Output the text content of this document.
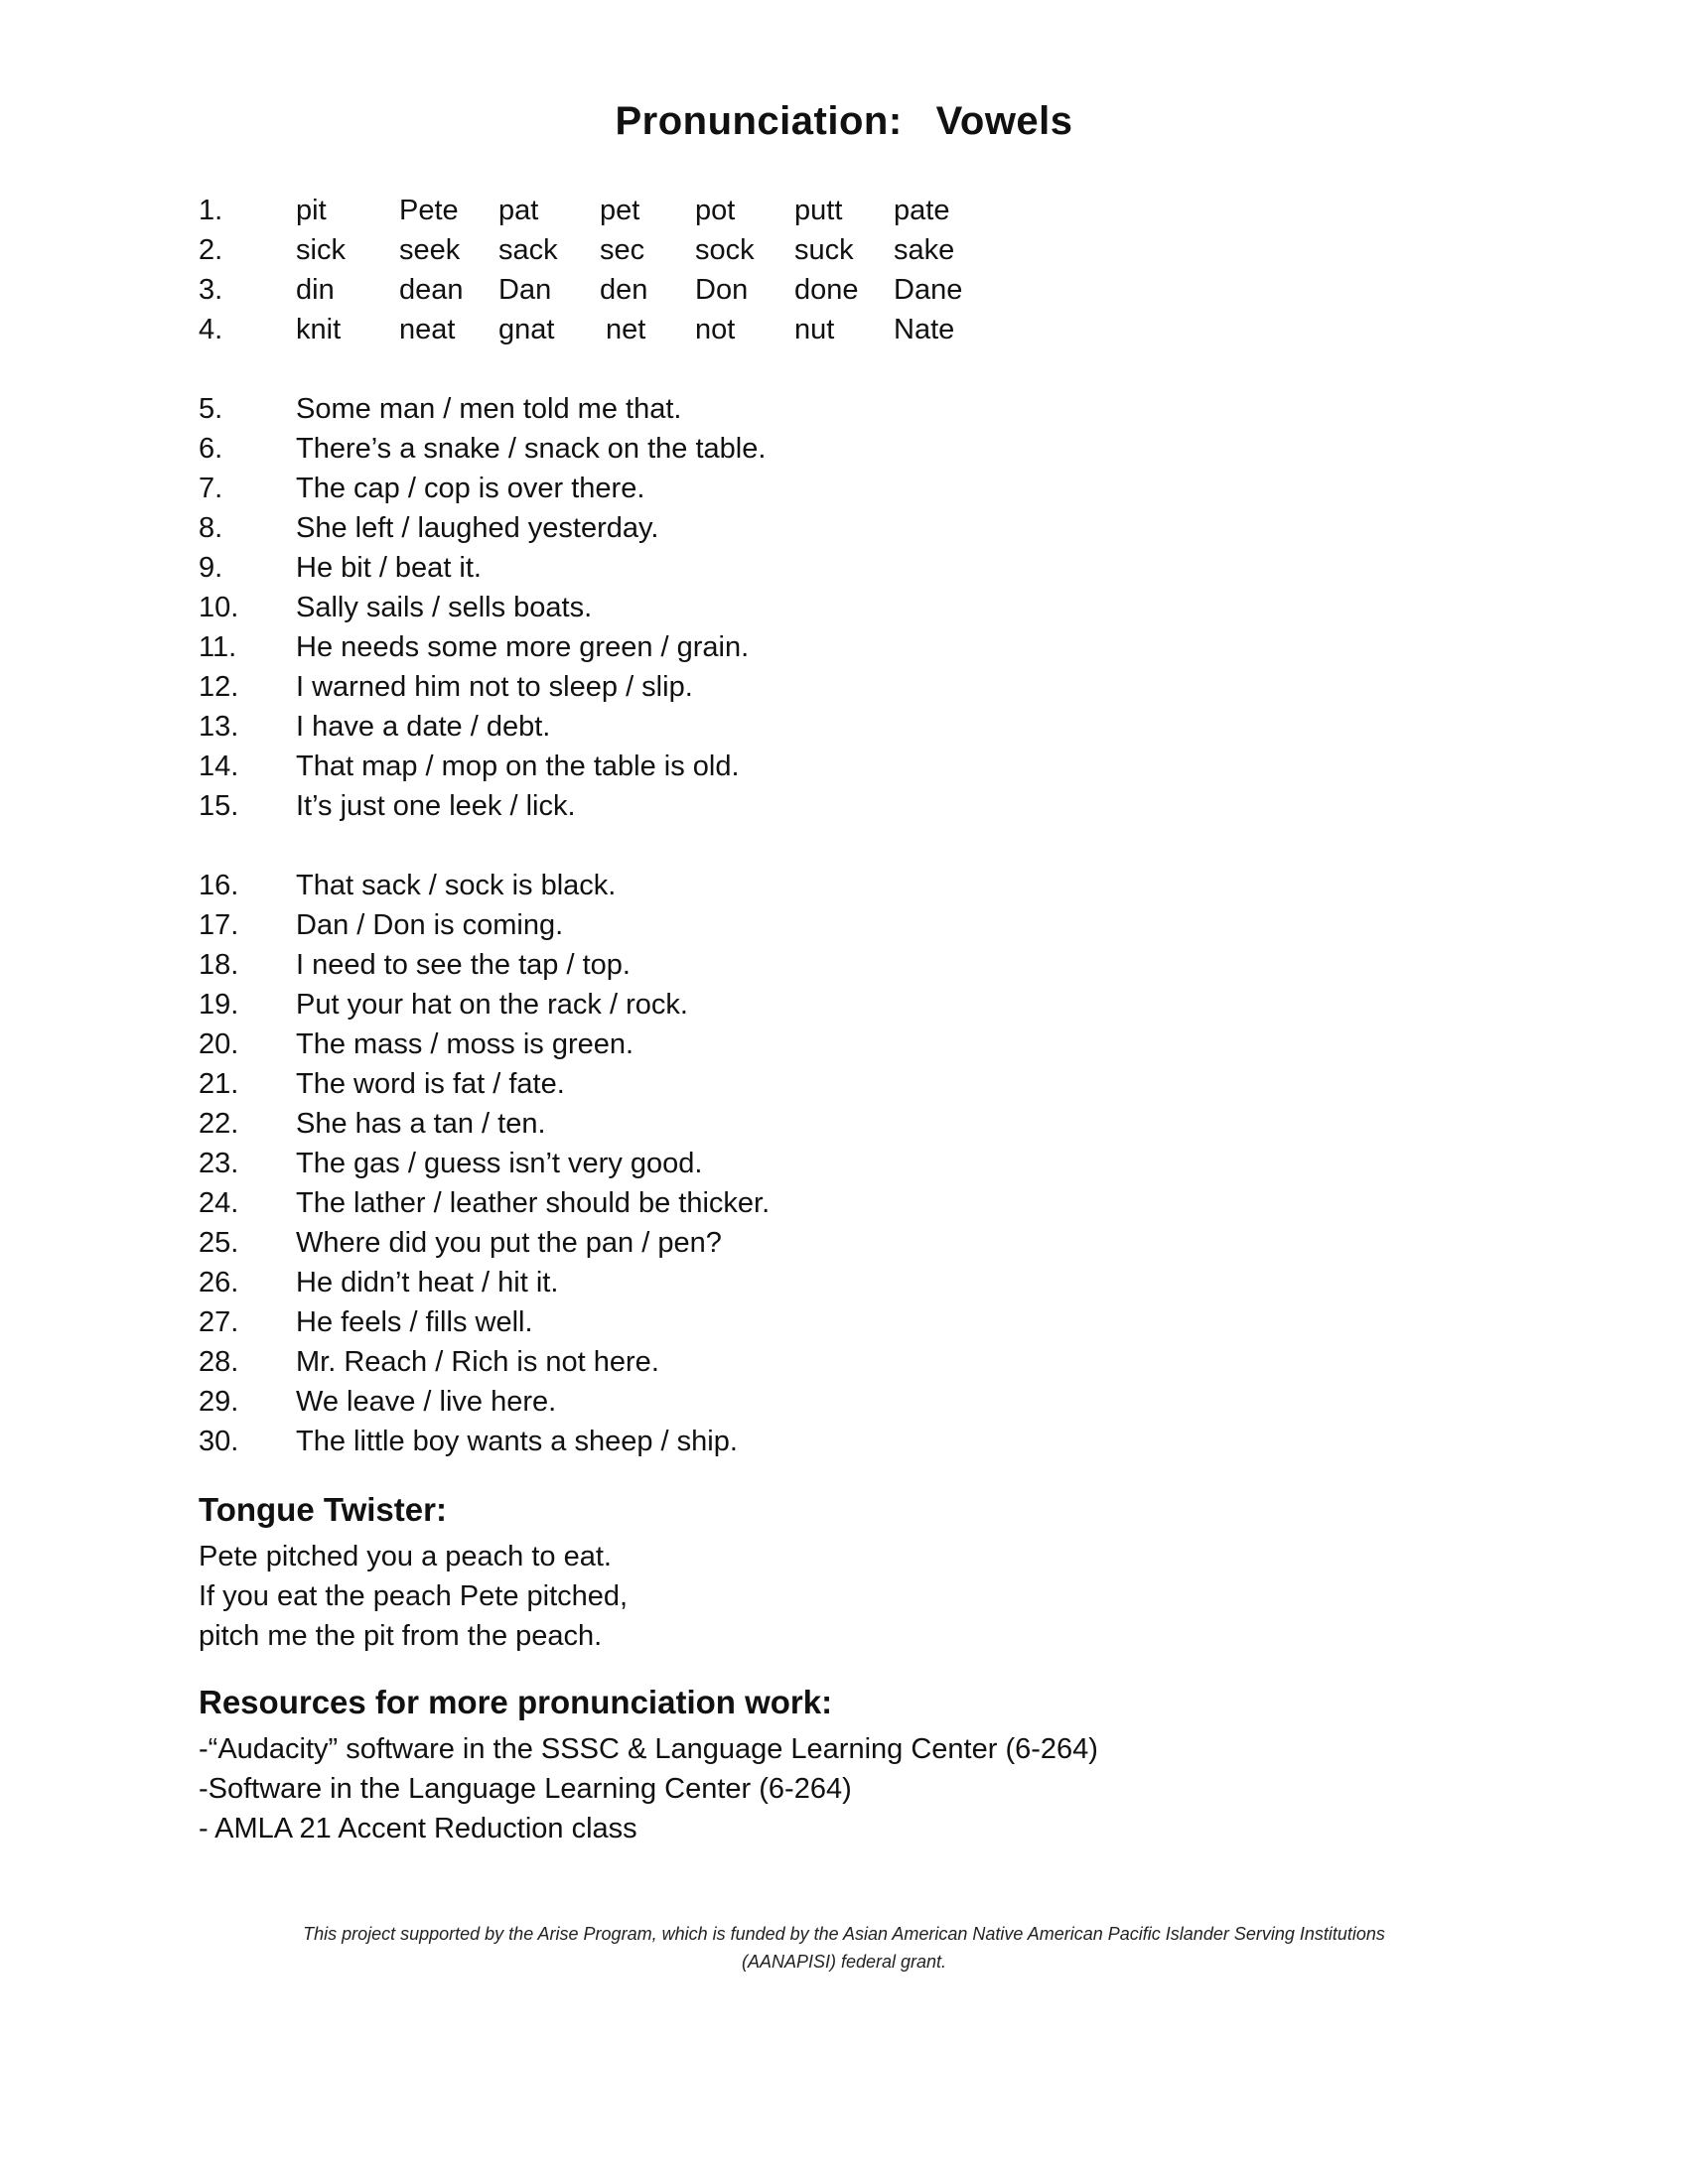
Pronunciation: Vowels
1.	pit	Pete pat pet pot putt pate
2.	sick seek sack sec sock suck sake
3.	din dean Dan den Don done Dane
4.	knit neat gnat net not nut Nate
5.	Some man / men told me that.
6.	There’s a snake / snack on the table.
7.	The cap / cop is over there.
8.	She left / laughed yesterday.
9.	He bit / beat it.
10. Sally sails / sells boats.
11. He needs some more green / grain.
12. I warned him not to sleep / slip.
13. I have a date / debt.
14. That map / mop on the table is old.
15. It’s just one leek / lick.
16. That sack / sock is black.
17. Dan / Don is coming.
18. I need to see the tap / top.
19. Put your hat on the rack / rock.
20. The mass / moss is green.
21. The word is fat / fate.
22. She has a tan / ten.
23. The gas / guess isn’t very good.
24. The lather / leather should be thicker.
25. Where did you put the pan / pen?
26. He didn’t heat / hit it.
27. He feels / fills well.
28. Mr. Reach / Rich is not here.
29. We leave / live here.
30. The little boy wants a sheep / ship.
Tongue Twister:
Pete pitched you a peach to eat.
If you eat the peach Pete pitched,
pitch me the pit from the peach.
Resources for more pronunciation work:
-“Audacity” software in the SSSC & Language Learning Center (6-264)
-Software in the Language Learning Center (6-264)
- AMLA 21 Accent Reduction class
This project supported by the Arise Program, which is funded by the Asian American Native American Pacific Islander Serving Institutions
(AANAPISI) federal grant.
